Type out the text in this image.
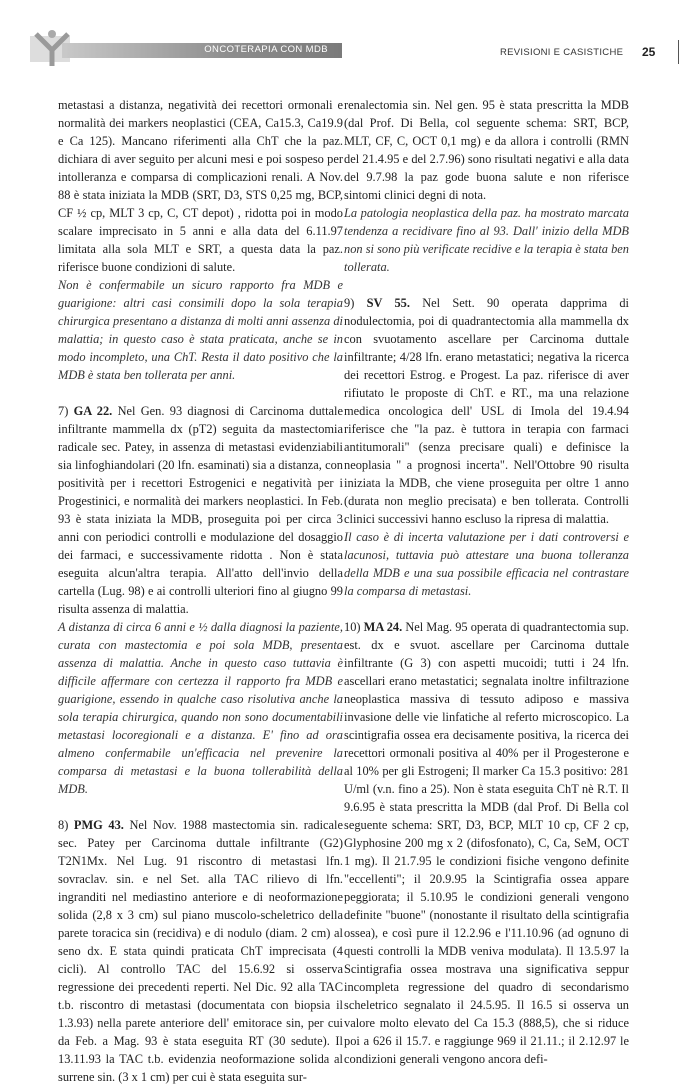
ONCOTERAPIA CON MDB	REVISIONI E CASISTICHE 25

metastasi a distanza, negatività dei recettori ormonali e normalità dei markers neoplastici (CEA, Ca15.3, Ca19.9 e Ca 125). Mancano riferimenti alla ChT che la paz. dichiara di aver seguito per alcuni mesi e poi sospeso per intolleranza e comparsa di complicazioni renali. A Nov. 88 è stata iniziata la MDB (SRT, D3, STS 0,25 mg, BCP, CF ½ cp, MLT 3 cp, C, CT depot) , ridotta poi in modo scalare imprecisato in 5 anni e alla data del 6.11.97 limitata alla sola MLT e SRT, a questa data la paz. riferisce buone condizioni di salute.

Non è confermabile un sicuro rapporto fra MDB e guarigione: altri casi consimili dopo la sola terapia chirurgica presentano a distanza di molti anni assenza di malattia; in questo caso è stata praticata, anche se in modo incompleto, una ChT. Resta il dato positivo che la MDB è stata ben tollerata per anni.

7) GA 22. Nel Gen. 93 diagnosi di Carcinoma duttale infiltrante mammella dx (pT2) seguita da mastectomia radicale sec. Patey, in assenza di metastasi evidenziabili sia linfoghiandolari (20 lfn. esaminati) sia a distanza, con positività per i recettori Estrogenici e negatività per i Progestinici, e normalità dei markers neoplastici. In Feb. 93 è stata iniziata la MDB, proseguita poi per circa 3 anni con periodici controlli e modulazione del dosaggio dei farmaci, e successivamente ridotta . Non è stata eseguita alcun'altra terapia. All'atto dell'invio della cartella (Lug. 98) e ai controlli ulteriori fino al giugno 99 risulta assenza di malattia.

A distanza di circa 6 anni e ½ dalla diagnosi la paziente, curata con mastectomia e poi sola MDB, presenta assenza di malattia. Anche in questo caso tuttavia è difficile affermare con certezza il rapporto fra MDB e guarigione, essendo in qualche caso risolutiva anche la sola terapia chirurgica, quando non sono documentabili metastasi locoregionali e a distanza. E' fino ad ora almeno confermabile un'efficacia nel prevenire la comparsa di metastasi e la buona tollerabilità della MDB.

8) PMG 43. Nel Nov. 1988 mastectomia sin. radicale sec. Patey per Carcinoma duttale infiltrante (G2) T2N1Mx. Nel Lug. 91 riscontro di metastasi lfn. sovraclav. sin. e nel Set. alla TAC rilievo di lfn. ingranditi nel mediastino anteriore e di neoformazione solida (2,8 x 3 cm) sul piano muscolo-scheletrico della parete toracica sin (recidiva) e di nodulo (diam. 2 cm) al seno dx. E stata quindi praticata ChT imprecisata (4 cicli). Al controllo TAC del 15.6.92 si osserva regressione dei precedenti reperti. Nel Dic. 92 alla TAC t.b. riscontro di metastasi (documentata con biopsia il 1.3.93) nella parete anteriore dell' emitorace sin, per cui da Feb. a Mag. 93 è stata eseguita RT (30 sedute). Il 13.11.93 la TAC t.b. evidenzia neoformazione solida al surrene sin. (3 x 1 cm) per cui è stata eseguita sur-

renalectomia sin. Nel gen. 95 è stata prescritta la MDB (dal Prof. Di Bella, col seguente schema: SRT, BCP, MLT, CF, C, OCT 0,1 mg) e da allora i controlli (RMN del 21.4.95 e del 2.7.96) sono risultati negativi e alla data del 9.7.98 la paz gode buona salute e non riferisce sintomi clinici degni di nota.

La patologia neoplastica della paz. ha mostrato marcata tendenza a recidivare fino al 93. Dall' inizio della MDB non si sono più verificate recidive e la terapia è stata ben tollerata.

9) SV 55. Nel Sett. 90 operata dapprima di nodulectomia, poi di quadrantectomia alla mammella dx con svuotamento ascellare per Carcinoma duttale infiltrante; 4/28 lfn. erano metastatici; negativa la ricerca dei recettori Estrog. e Progest. La paz. riferisce di aver rifiutato le proposte di ChT. e RT., ma una relazione medica oncologica dell' USL di Imola del 19.4.94 riferisce che "la paz. è tuttora in terapia con farmaci antitumorali" (senza precisare quali) e definisce la neoplasia " a prognosi incerta". Nell'Ottobre 90 risulta iniziata la MDB, che viene proseguita per oltre 1 anno (durata non meglio precisata) e ben tollerata. Controlli clinici successivi hanno escluso la ripresa di malattia.

Il caso è di incerta valutazione per i dati controversi e lacunosi, tuttavia può attestare una buona tolleranza della MDB e una sua possibile efficacia nel contrastare la comparsa di metastasi.

10) MA 24. Nel Mag. 95 operata di quadrantectomia sup. est. dx e svuot. ascellare per Carcinoma duttale infiltrante (G 3) con aspetti mucoidi; tutti i 24 lfn. ascellari erano metastatici; segnalata inoltre infiltrazione neoplastica massiva di tessuto adiposo e massiva invasione delle vie linfatiche al referto microscopico. La scintigrafia ossea era decisamente positiva, la ricerca dei recettori ormonali positiva al 40% per il Progesterone e al 10% per gli Estrogeni; Il marker Ca 15.3 positivo: 281 U/ml (v.n. fino a 25). Non è stata eseguita ChT nè R.T. Il 9.6.95 è stata prescritta la MDB (dal Prof. Di Bella col seguente schema: SRT, D3, BCP, MLT 10 cp, CF 2 cp, Glyphosine 200 mg x 2 (difosfonato), C, Ca, SeM, OCT 1 mg). Il 21.7.95 le condizioni fisiche vengono definite "eccellenti"; il 20.9.95 la Scintigrafia ossea appare peggiorata; il 5.10.95 le condizioni generali vengono definite "buone" (nonostante il risultato della scintigrafia ossea), e così pure il 12.2.96 e l'11.10.96 (ad ognuno di questi controlli la MDB veniva modulata). Il 13.5.97 la Scintigrafia ossea mostrava una significativa seppur incompleta regressione del quadro di secondarismo scheletrico segnalato il 24.5.95. Il 16.5 si osserva un valore molto elevato del Ca 15.3 (888,5), che si riduce poi a 626 il 15.7. e raggiunge 969 il 21.11.; il 2.12.97 le condizioni generali vengono ancora defi-
